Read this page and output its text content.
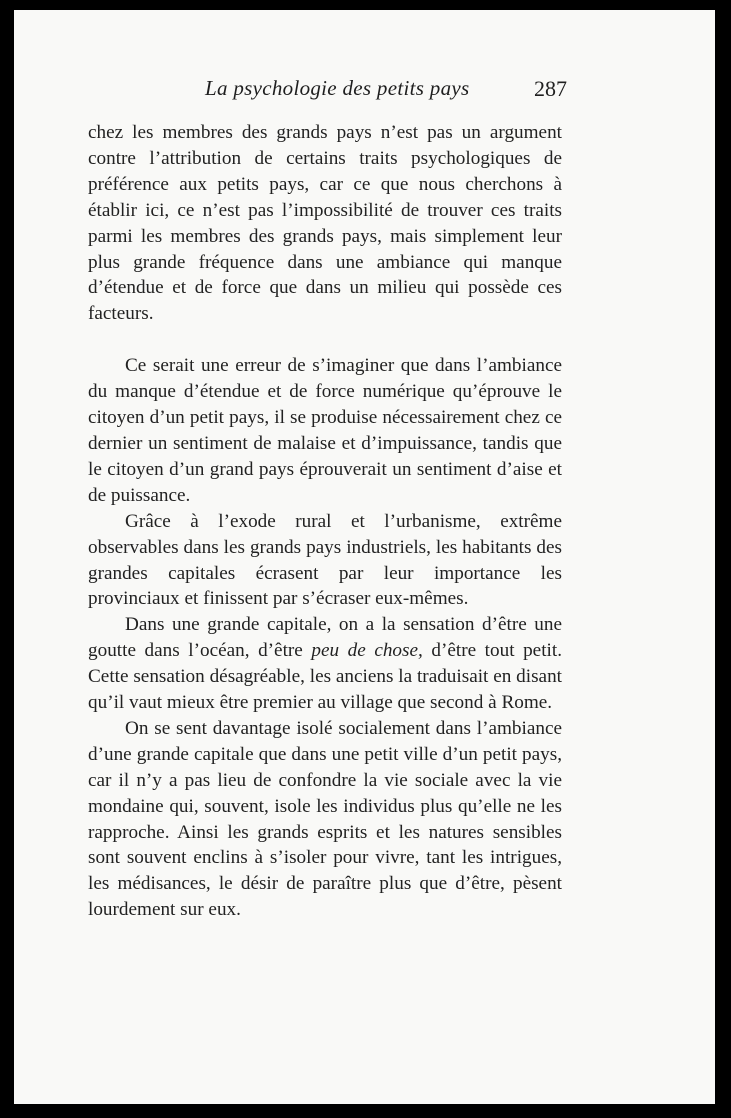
La psychologie des petits pays	287

chez les membres des grands pays n’est pas un argument contre l’attribution de certains traits psychologiques de préférence aux petits pays, car ce que nous cherchons à établir ici, ce n’est pas l’impossibilité de trouver ces traits parmi les membres des grands pays, mais simplement leur plus grande fréquence dans une ambiance qui manque d’étendue et de force que dans un milieu qui possède ces facteurs.

Ce serait une erreur de s’imaginer que dans l’ambiance du manque d’étendue et de force numérique qu’éprouve le citoyen d’un petit pays, il se produise nécessairement chez ce dernier un sentiment de malaise et d’impuissance, tandis que le citoyen d’un grand pays éprouverait un sentiment d’aise et de puissance.

Grâce à l’exode rural et l’urbanisme, extrême observables dans les grands pays industriels, les habitants des grandes capitales écrasent par leur importance les provinciaux et finissent par s’écraser eux-mêmes.

Dans une grande capitale, on a la sensation d’être une goutte dans l’océan, d’être peu de chose, d’être tout petit. Cette sensation désagréable, les anciens la traduisait en disant qu’il vaut mieux être premier au village que second à Rome.

On se sent davantage isolé socialement dans l’ambiance d’une grande capitale que dans une petit ville d’un petit pays, car il n’y a pas lieu de confondre la vie sociale avec la vie mondaine qui, souvent, isole les individus plus qu’elle ne les rapproche. Ainsi les grands esprits et les natures sensibles sont souvent enclins à s’isoler pour vivre, tant les intrigues, les médisances, le désir de paraître plus que d’être, pèsent lourdement sur eux.
